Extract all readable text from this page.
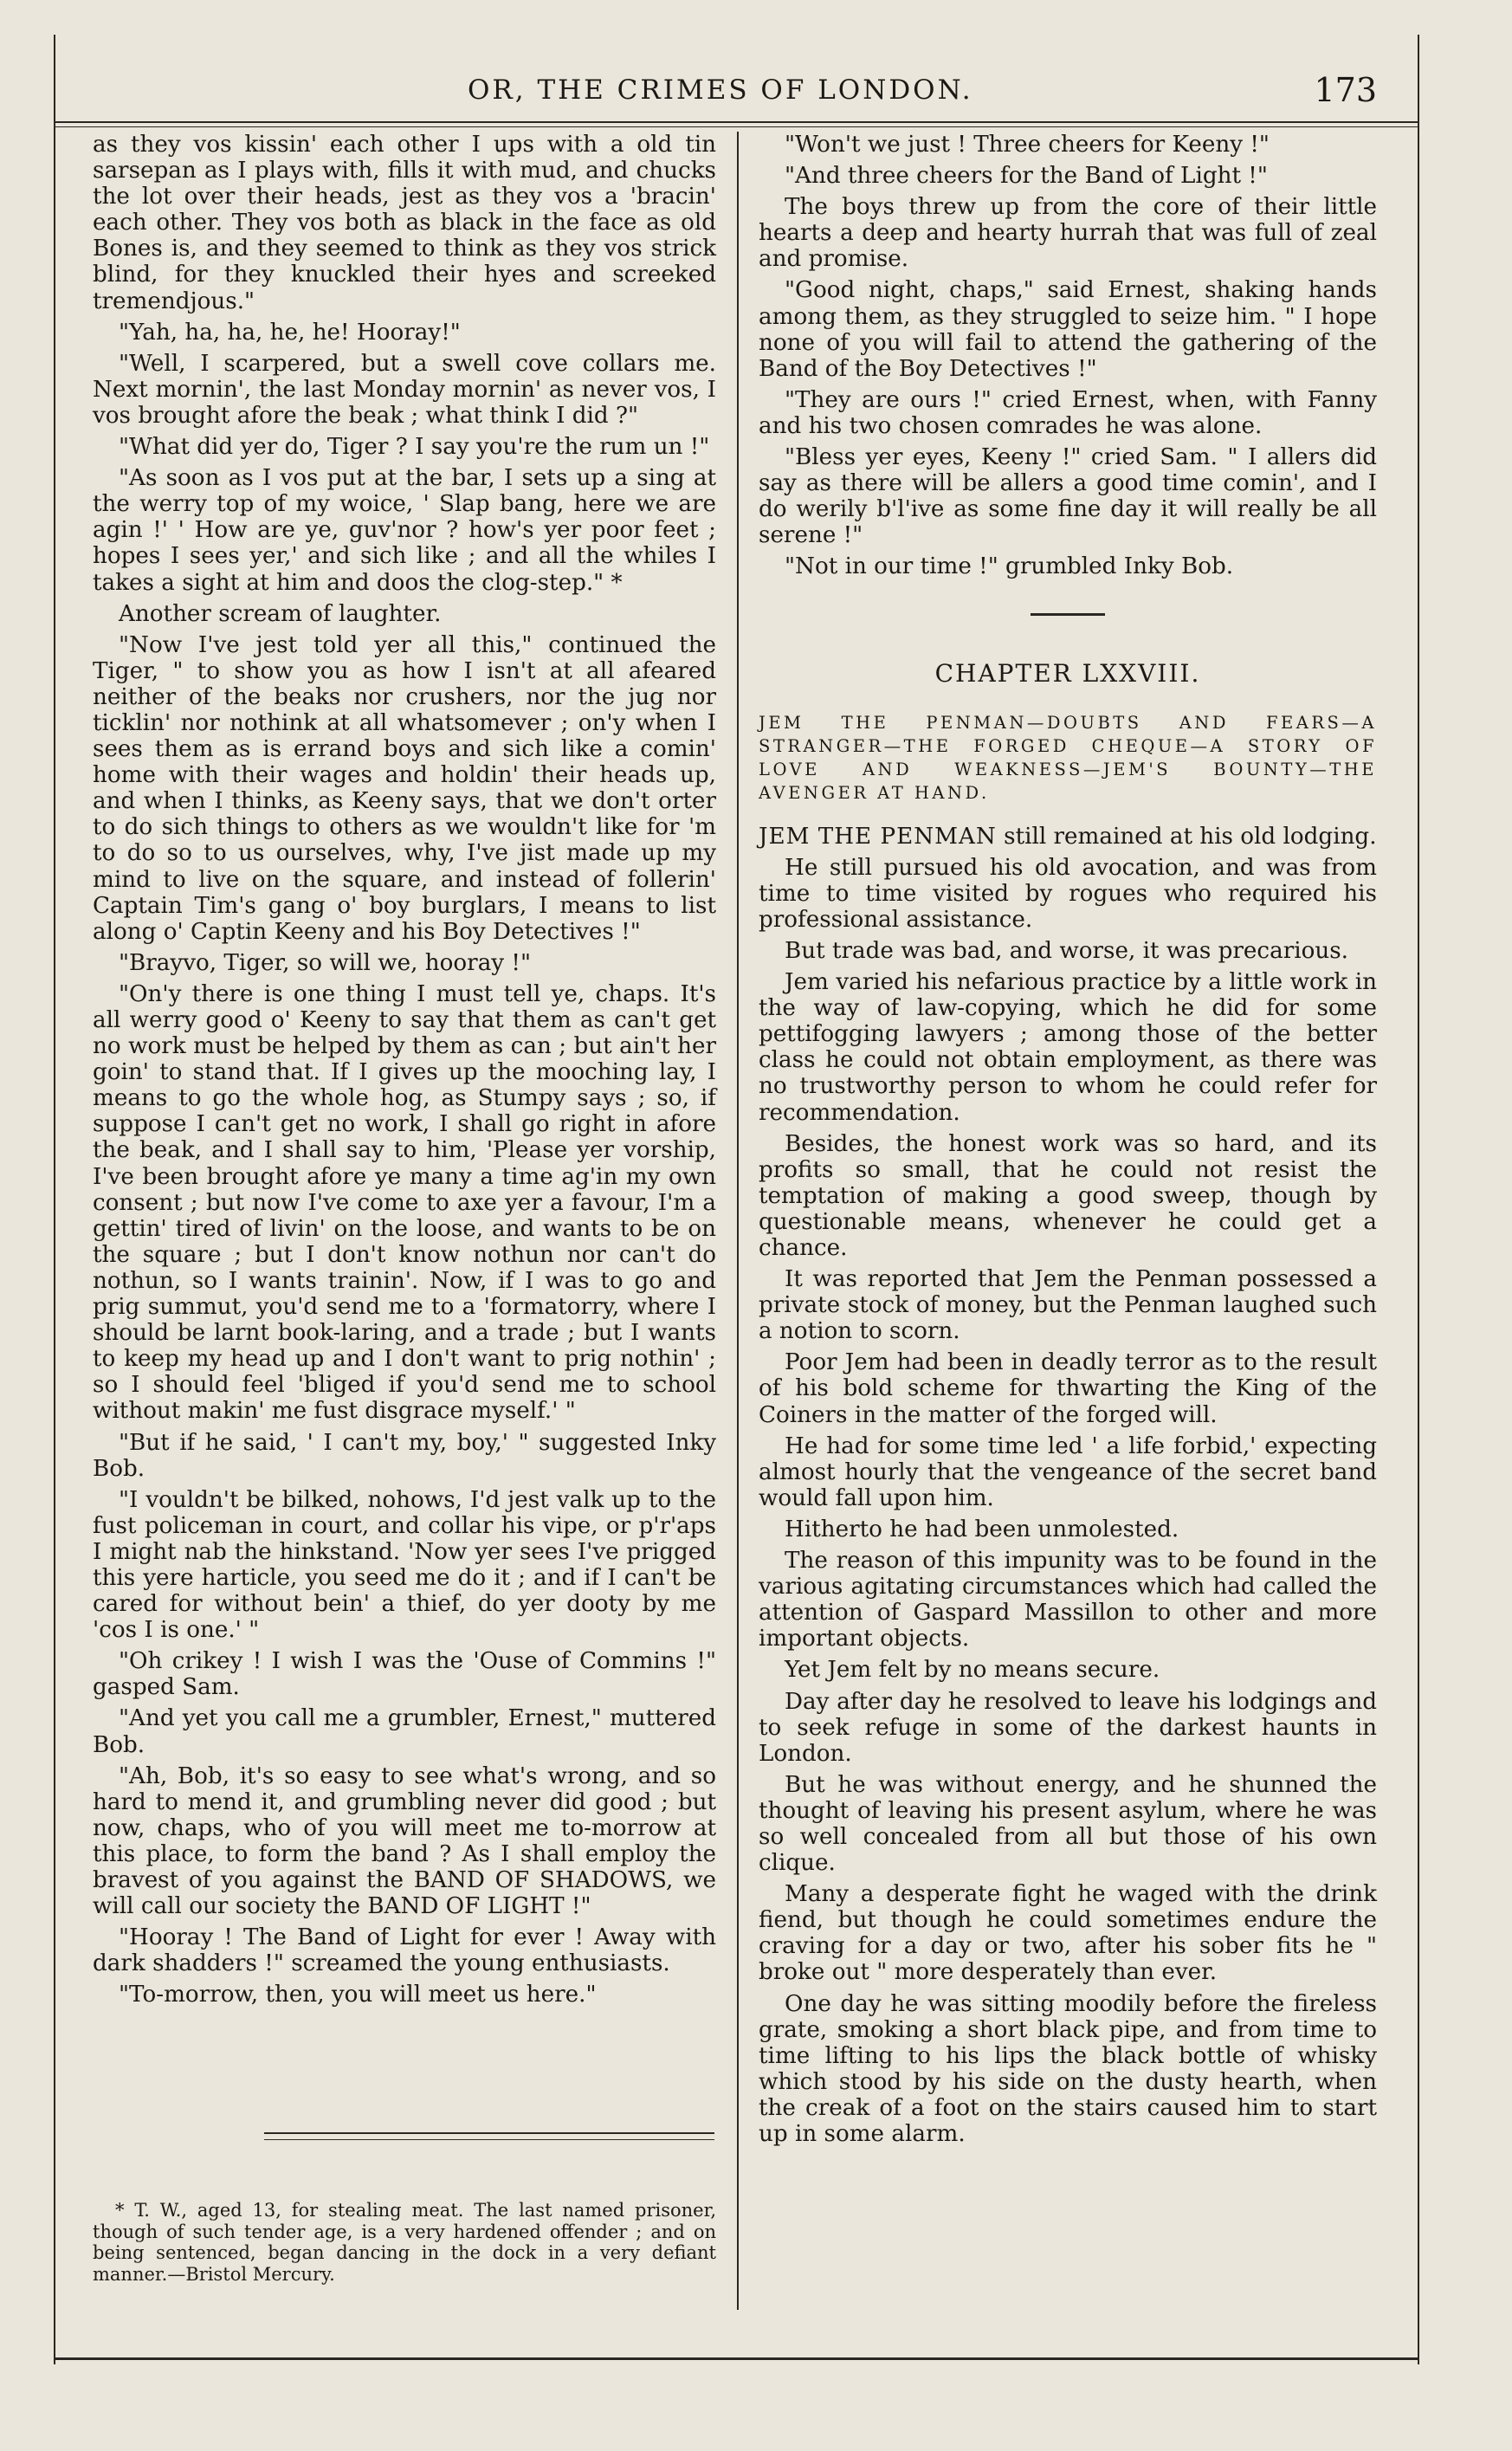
OR, THE CRIMES OF LONDON.	173

as they vos kissin' each other I ups with a old tin sarsepan as I plays with, fills it with mud, and chucks the lot over their heads, jest as they vos a 'bracin' each other. They vos both as black in the face as old Bones is, and they seemed to think as they vos strick blind, for they knuckled their hyes and screeked tremendjous."

"Yah, ha, ha, he, he! Hooray!"

"Well, I scarpered, but a swell cove collars me. Next mornin', the last Monday mornin' as never vos, I vos brought afore the beak ; what think I did ?"

"What did yer do, Tiger ? I say you're the rum un !"

"As soon as I vos put at the bar, I sets up a sing at the werry top of my woice, ' Slap bang, here we are agin !' ' How are ye, guv'nor ? how's yer poor feet ; hopes I sees yer,' and sich like ; and all the whiles I takes a sight at him and doos the clog-step." *

Another scream of laughter.

"Now I've jest told yer all this," continued the Tiger, " to show you as how I isn't at all afeared neither of the beaks nor crushers, nor the jug nor ticklin' nor nothink at all whatsomever ; on'y when I sees them as is errand boys and sich like a comin' home with their wages and holdin' their heads up, and when I thinks, as Keeny says, that we don't orter to do sich things to others as we wouldn't like for 'm to do so to us ourselves, why, I've jist made up my mind to live on the square, and instead of follerin' Captain Tim's gang o' boy burglars, I means to list along o' Captin Keeny and his Boy Detectives !"

"Brayvo, Tiger, so will we, hooray !"

"On'y there is one thing I must tell ye, chaps. It's all werry good o' Keeny to say that them as can't get no work must be helped by them as can ; but ain't her goin' to stand that. If I gives up the mooching lay, I means to go the whole hog, as Stumpy says ; so, if suppose I can't get no work, I shall go right in afore the beak, and I shall say to him, 'Please yer vorship, I've been brought afore ye many a time ag'in my own consent ; but now I've come to axe yer a favour, I'm a gettin' tired of livin' on the loose, and wants to be on the square ; but I don't know nothun nor can't do nothun, so I wants trainin'. Now, if I was to go and prig summut, you'd send me to a 'formatorry, where I should be larnt book-laring, and a trade ; but I wants to keep my head up and I don't want to prig nothin' ; so I should feel 'bliged if you'd send me to school without makin' me fust disgrace myself.' "

"But if he said, ' I can't my, boy,' " suggested Inky Bob.

"I vouldn't be bilked, nohows, I'd jest valk up to the fust policeman in court, and collar his vipe, or p'r'aps I might nab the hinkstand. 'Now yer sees I've prigged this yere harticle, you seed me do it ; and if I can't be cared for without bein' a thief, do yer dooty by me 'cos I is one.' "

"Oh crikey ! I wish I was the 'Ouse of Commins !" gasped Sam.

"And yet you call me a grumbler, Ernest," muttered Bob.

"Ah, Bob, it's so easy to see what's wrong, and so hard to mend it, and grumbling never did good ; but now, chaps, who of you will meet me to-morrow at this place, to form the band ? As I shall employ the bravest of you against the BAND OF SHADOWS, we will call our society the BAND OF LIGHT !"

"Hooray ! The Band of Light for ever ! Away with dark shadders !" screamed the young enthusiasts.

"To-morrow, then, you will meet us here."

* T. W., aged 13, for stealing meat. The last named prisoner, though of such tender age, is a very hardened offender ; and on being sentenced, began dancing in the dock in a very defiant manner.—Bristol Mercury.

"Won't we just ! Three cheers for Keeny !"

"And three cheers for the Band of Light !"

The boys threw up from the core of their little hearts a deep and hearty hurrah that was full of zeal and promise.

"Good night, chaps," said Ernest, shaking hands among them, as they struggled to seize him. " I hope none of you will fail to attend the gathering of the Band of the Boy Detectives !"

"They are ours !" cried Ernest, when, with Fanny and his two chosen comrades he was alone.

"Bless yer eyes, Keeny !" cried Sam. " I allers did say as there will be allers a good time comin', and I do werily b'l'ive as some fine day it will really be all serene !"

"Not in our time !" grumbled Inky Bob.

CHAPTER LXXVIII.
JEM THE PENMAN—DOUBTS AND FEARS—A STRANGER—THE FORGED CHEQUE—A STORY OF LOVE AND WEAKNESS—JEM'S BOUNTY—THE AVENGER AT HAND.

JEM THE PENMAN still remained at his old lodging.

He still pursued his old avocation, and was from time to time visited by rogues who required his professional assistance.

But trade was bad, and worse, it was precarious.

Jem varied his nefarious practice by a little work in the way of law-copying, which he did for some pettifogging lawyers ; among those of the better class he could not obtain employment, as there was no trustworthy person to whom he could refer for recommendation.

Besides, the honest work was so hard, and its profits so small, that he could not resist the temptation of making a good sweep, though by questionable means, whenever he could get a chance.

It was reported that Jem the Penman possessed a private stock of money, but the Penman laughed such a notion to scorn.

Poor Jem had been in deadly terror as to the result of his bold scheme for thwarting the King of the Coiners in the matter of the forged will.

He had for some time led ' a life forbid,' expecting almost hourly that the vengeance of the secret band would fall upon him.

Hitherto he had been unmolested.

The reason of this impunity was to be found in the various agitating circumstances which had called the attention of Gaspard Massillon to other and more important objects.

Yet Jem felt by no means secure.

Day after day he resolved to leave his lodgings and to seek refuge in some of the darkest haunts in London.

But he was without energy, and he shunned the thought of leaving his present asylum, where he was so well concealed from all but those of his own clique.

Many a desperate fight he waged with the drink fiend, but though he could sometimes endure the craving for a day or two, after his sober fits he " broke out " more desperately than ever.

One day he was sitting moodily before the fireless grate, smoking a short black pipe, and from time to time lifting to his lips the black bottle of whisky which stood by his side on the dusty hearth, when the creak of a foot on the stairs caused him to start up in some alarm.
